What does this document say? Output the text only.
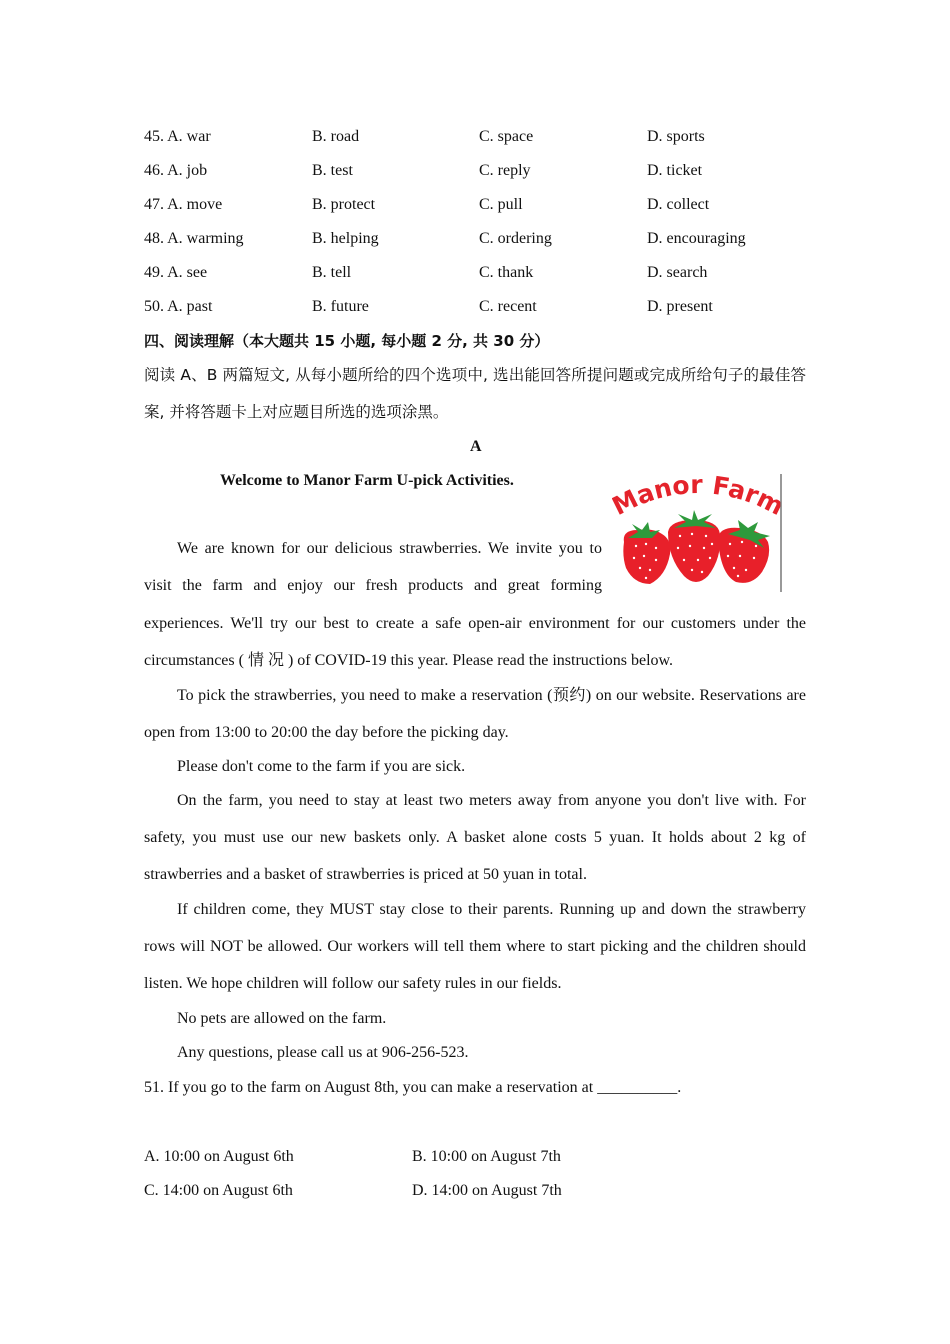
45. A. war	B. road	C. space	D. sports
46. A. job	B. test	C. reply	D. ticket
47. A. move	B. protect	C. pull	D. collect
48. A. warming	B. helping	C. ordering	D. encouraging
49. A. see	B. tell	C. thank	D. search
50. A. past	B. future	C. recent	D. present
四、阅读理解（本大题共 15 小题, 每小题 2 分, 共 30 分）
阅读 A、B 两篇短文, 从每小题所给的四个选项中, 选出能回答所提问题或完成所给句子的最佳答案, 并将答题卡上对应题目所选的选项涂黑。
A
Welcome to Manor Farm U-pick Activities.	anor Far
We are known for our delicious strawberries. We invite you to
visit the farm and enjoy our fresh products and great forming
experiences. We'll try our best to create a safe open-air environment for our customers under the circumstances ( 情 况 ) of COVID-19 this year. Please read the instructions below.
To pick the strawberries, you need to make a reservation (预约) on our website. Reservations are open from 13:00 to 20:00 the day before the picking day.
Please don't come to the farm if you are sick.
On the farm, you need to stay at least two meters away from anyone you don't live with. For safety, you must use our new baskets only. A basket alone costs 5 yuan. It holds about 2 kg of strawberries and a basket of strawberries is priced at 50 yuan in total.
If children come, they MUST stay close to their parents. Running up and down the strawberry rows will NOT be allowed. Our workers will tell them where to start picking and the children should listen. We hope children will follow our safety rules in our fields.
No pets are allowed on the farm.
Any questions, please call us at 906-256-523.
51. If you go to the farm on August 8th, you can make a reservation at __________.
A. 10:00 on August 6th	B. 10:00 on August 7th
C. 14:00 on August 6th	D. 14:00 on August 7th
